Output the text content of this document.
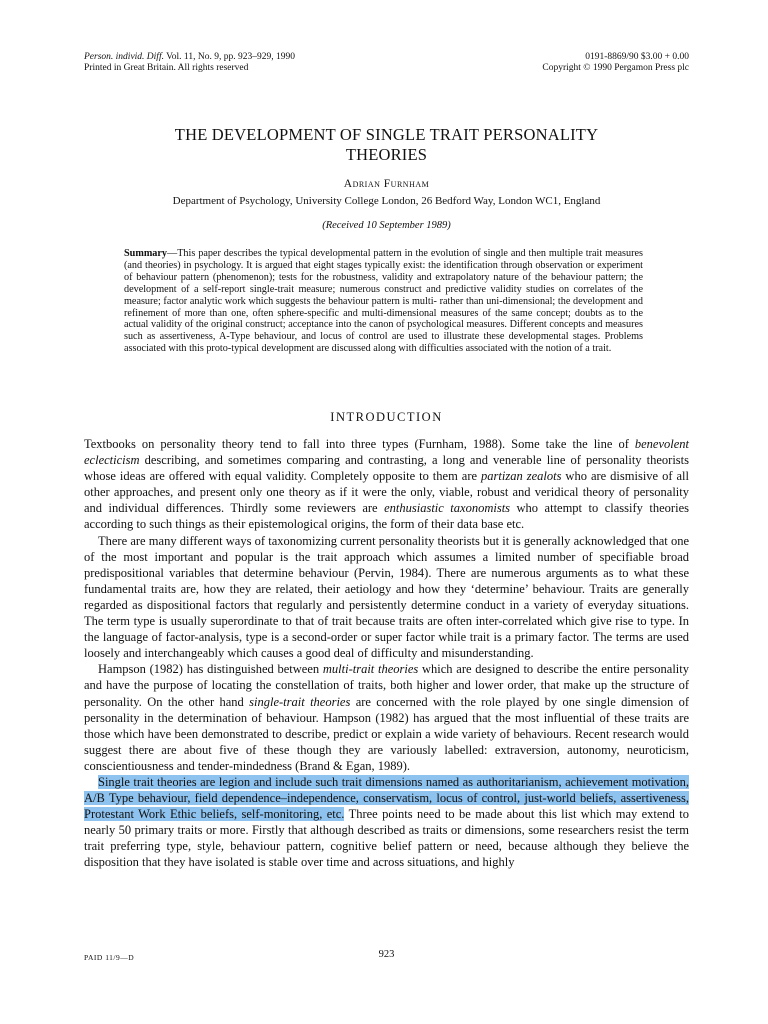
Person. individ. Diff. Vol. 11, No. 9, pp. 923–929, 1990
Printed in Great Britain. All rights reserved
0191-8869/90 $3.00 + 0.00
Copyright © 1990 Pergamon Press plc
THE DEVELOPMENT OF SINGLE TRAIT PERSONALITY
THEORIES
Adrian Furnham
Department of Psychology, University College London, 26 Bedford Way, London WC1, England
(Received 10 September 1989)
Summary—This paper describes the typical developmental pattern in the evolution of single and then multiple trait measures (and theories) in psychology. It is argued that eight stages typically exist: the identification through observation or experiment of behaviour pattern (phenomenon); tests for the robustness, validity and extrapolatory nature of the behaviour pattern; the development of a self-report single-trait measure; numerous construct and predictive validity studies on correlates of the measure; factor analytic work which suggests the behaviour pattern is multi- rather than uni-dimensional; the development and refinement of more than one, often sphere-specific and multi-dimensional measures of the same concept; doubts as to the actual validity of the original construct; acceptance into the canon of psychological measures. Different concepts and measures such as assertiveness, A-Type behaviour, and locus of control are used to illustrate these developmental stages. Problems associated with this proto-typical development are discussed along with difficulties associated with the notion of a trait.
INTRODUCTION

Textbooks on personality theory tend to fall into three types (Furnham, 1988). Some take the line of benevolent eclecticism describing, and sometimes comparing and contrasting, a long and venerable line of personality theorists whose ideas are offered with equal validity. Completely opposite to them are partizan zealots who are dismisive of all other approaches, and present only one theory as if it were the only, viable, robust and veridical theory of personality and individual differences. Thirdly some reviewers are enthusiastic taxonomists who attempt to classify theories according to such things as their epistemological origins, the form of their data base etc.

There are many different ways of taxonomizing current personality theorists but it is generally acknowledged that one of the most important and popular is the trait approach which assumes a limited number of specifiable broad predispositional variables that determine behaviour (Pervin, 1984). There are numerous arguments as to what these fundamental traits are, how they are related, their aetiology and how they ‘determine’ behaviour. Traits are generally regarded as dispositional factors that regularly and persistently determine conduct in a variety of everyday situations. The term type is usually superordinate to that of trait because traits are often inter-correlated which give rise to type. In the language of factor-analysis, type is a second-order or super factor while trait is a primary factor. The terms are used loosely and interchangeably which causes a good deal of difficulty and misunderstanding.

Hampson (1982) has distinguished between multi-trait theories which are designed to describe the entire personality and have the purpose of locating the constellation of traits, both higher and lower order, that make up the structure of personality. On the other hand single-trait theories are concerned with the role played by one single dimension of personality in the determination of behaviour. Hampson (1982) has argued that the most influential of these traits are those which have been demonstrated to describe, predict or explain a wide variety of behaviours. Recent research would suggest there are about five of these though they are variously labelled: extraversion, autonomy, neuroticism, conscientiousness and tender-mindedness (Brand & Egan, 1989).

Single trait theories are legion and include such trait dimensions named as authoritarianism, achievement motivation, A/B Type behaviour, field dependence–independence, conservatism, locus of control, just-world beliefs, assertiveness, Protestant Work Ethic beliefs, self-monitoring, etc. Three points need to be made about this list which may extend to nearly 50 primary traits or more. Firstly that although described as traits or dimensions, some researchers resist the term trait preferring type, style, behaviour pattern, cognitive belief pattern or need, because although they believe the disposition that they have isolated is stable over time and across situations, and highly

PAID 11/9—D	923
